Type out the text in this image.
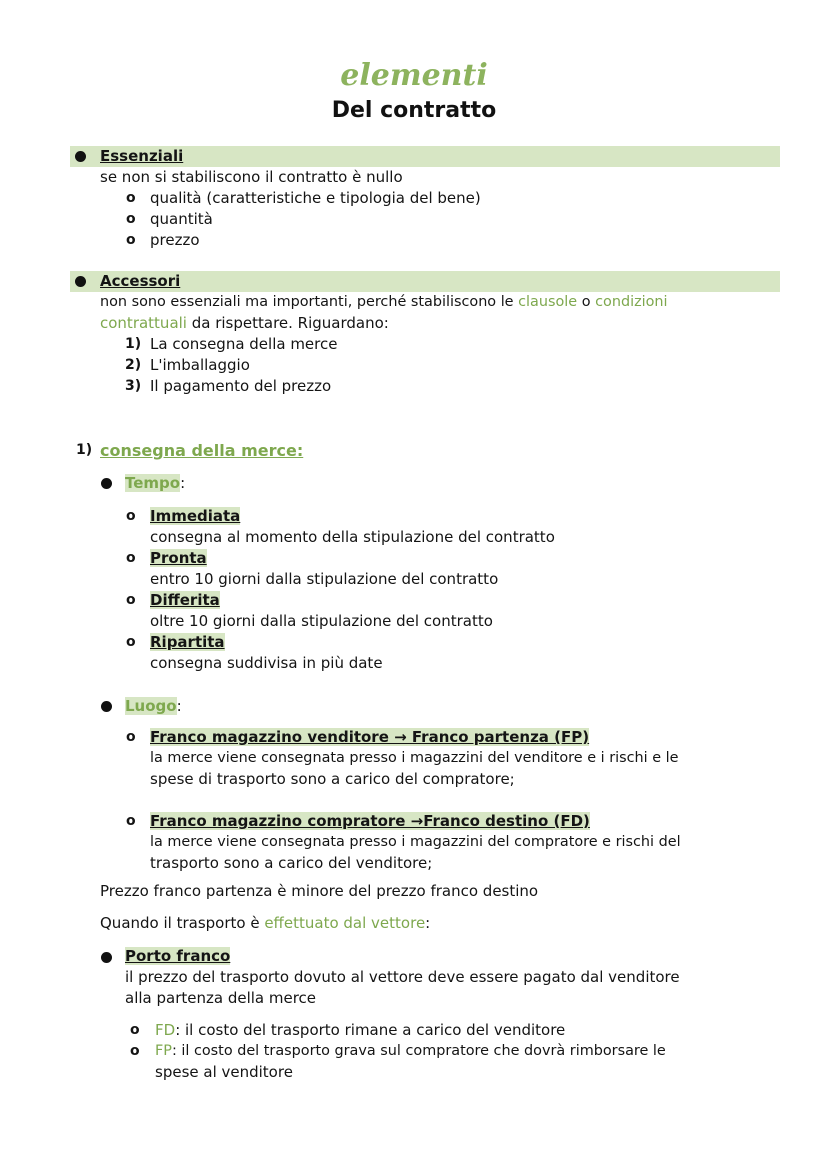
elementi
Del contratto
Essenziali
se non si stabiliscono il contratto è nullo
o qualità (caratteristiche e tipologia del bene)
o quantità
o prezzo
Accessori
non sono essenziali ma importanti, perché stabiliscono le clausole o condizioni
contrattuali da rispettare. Riguardano:
1) La consegna della merce
2) L'imballaggio
3) Il pagamento del prezzo
1) consegna della merce:
Tempo:
o Immediata
consegna al momento della stipulazione del contratto
o Pronta
entro 10 giorni dalla stipulazione del contratto
o Differita
oltre 10 giorni dalla stipulazione del contratto
o Ripartita
consegna suddivisa in più date
Luogo:
o Franco magazzino venditore → Franco partenza (FP)
la merce viene consegnata presso i magazzini del venditore e i rischi e le
spese di trasporto sono a carico del compratore;
o Franco magazzino compratore →Franco destino (FD)
la merce viene consegnata presso i magazzini del compratore e rischi del
trasporto sono a carico del venditore;
Prezzo franco partenza è minore del prezzo franco destino
Quando il trasporto è effettuato dal vettore:
Porto franco
il prezzo del trasporto dovuto al vettore deve essere pagato dal venditore
alla partenza della merce
o FD: il costo del trasporto rimane a carico del venditore
o FP: il costo del trasporto grava sul compratore che dovrà rimborsare le
spese al venditore
